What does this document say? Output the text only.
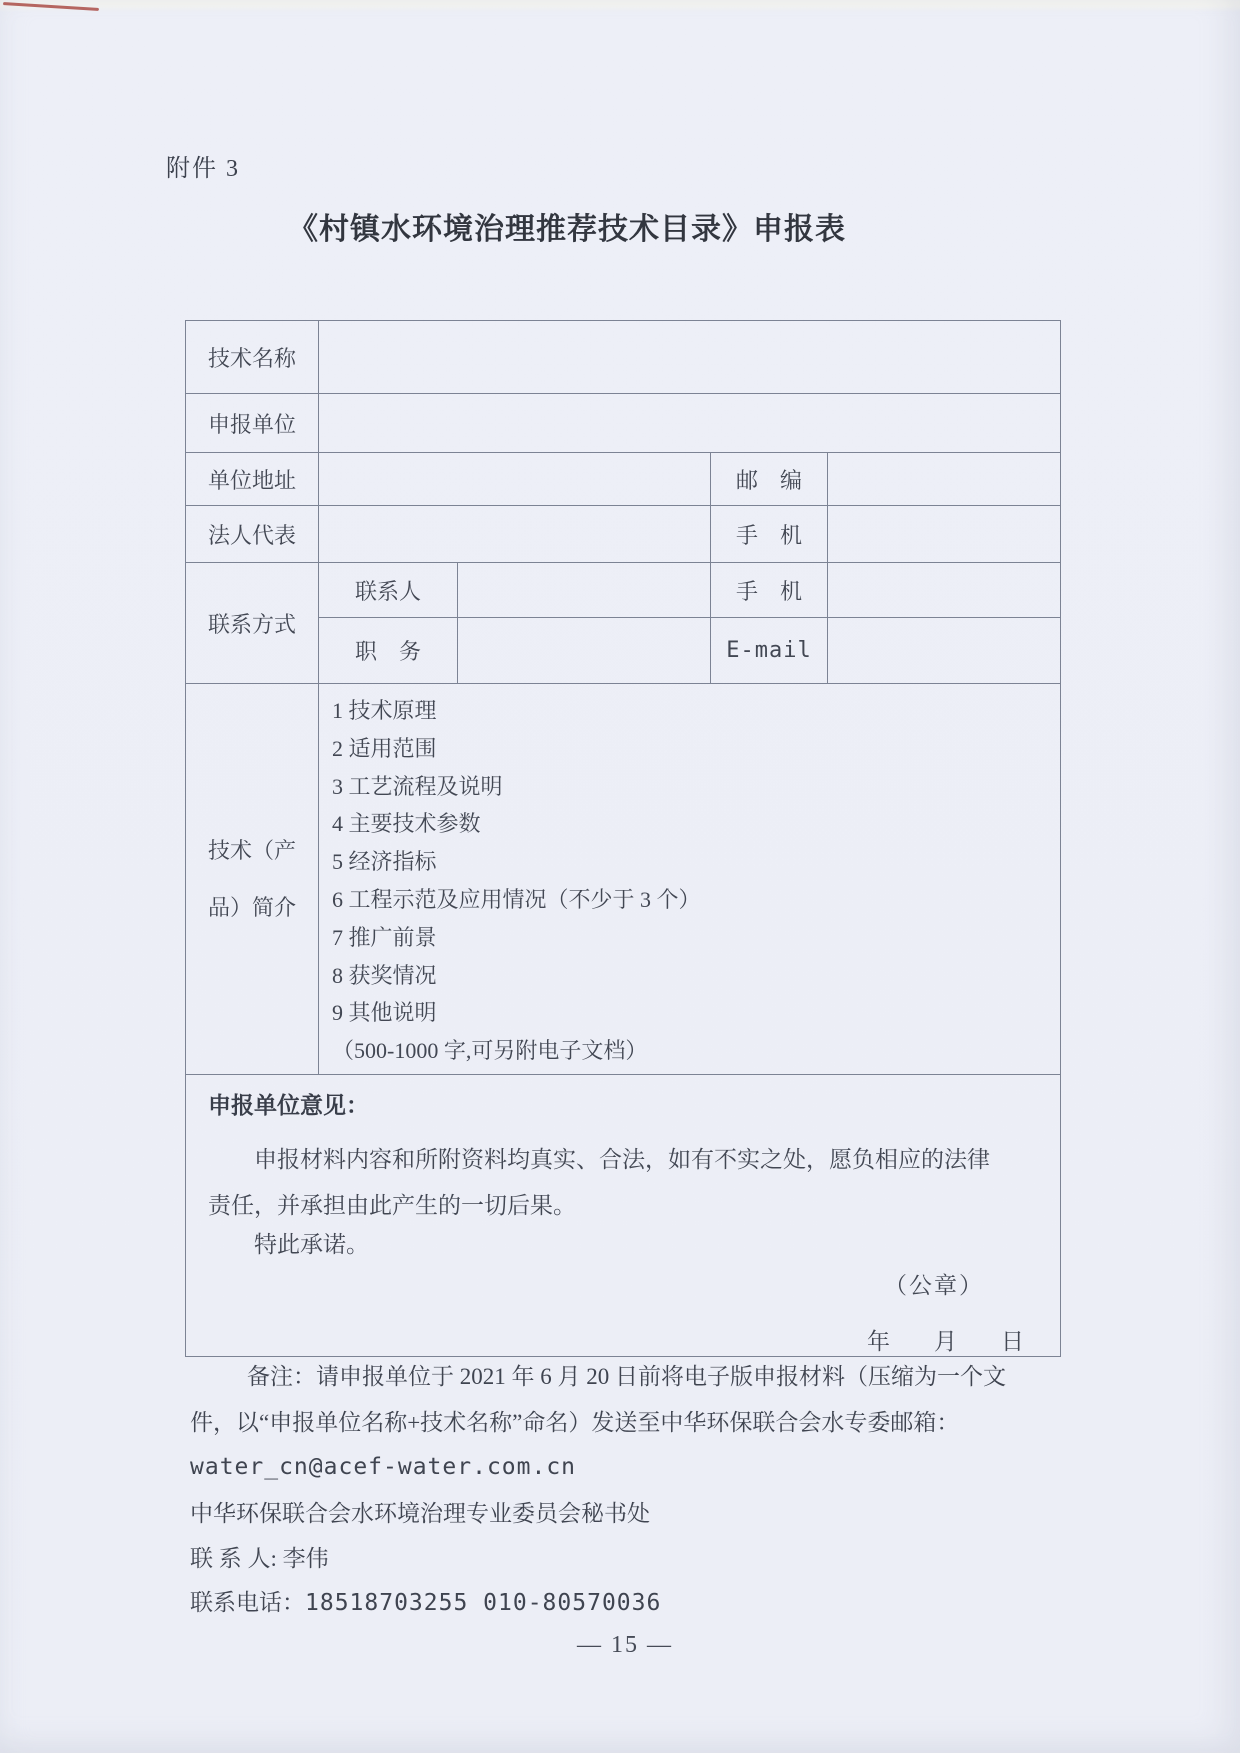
附件 3
《村镇水环境治理推荐技术目录》申报表
技术名称				
申报单位				
单位地址			邮　编	
法人代表			手　机	
联系方式	联系人		手　机	
	职　务		E-mail	

技术（产
品）简介

1 技术原理
2 适用范围
3 工艺流程及说明
4 主要技术参数
5 经济指标
6 工程示范及应用情况（不少于 3 个）
7 推广前景
8 获奖情况
9 其他说明
（500-1000 字,可另附电子文档）

申报单位意见：
申报材料内容和所附资料均真实、合法，如有不实之处，愿负相应的法律
责任，并承担由此产生的一切后果。
特此承诺。
（公章）
年 月 日
备注：请申报单位于 2021 年 6 月 20 日前将电子版申报材料（压缩为一个文
件，以“申报单位名称+技术名称”命名）发送至中华环保联合会水专委邮箱：
water_cn@acef-water.com.cn
中华环保联合会水环境治理专业委员会秘书处
联 系 人: 李伟
联系电话：18518703255 010-80570036
— 15 —
